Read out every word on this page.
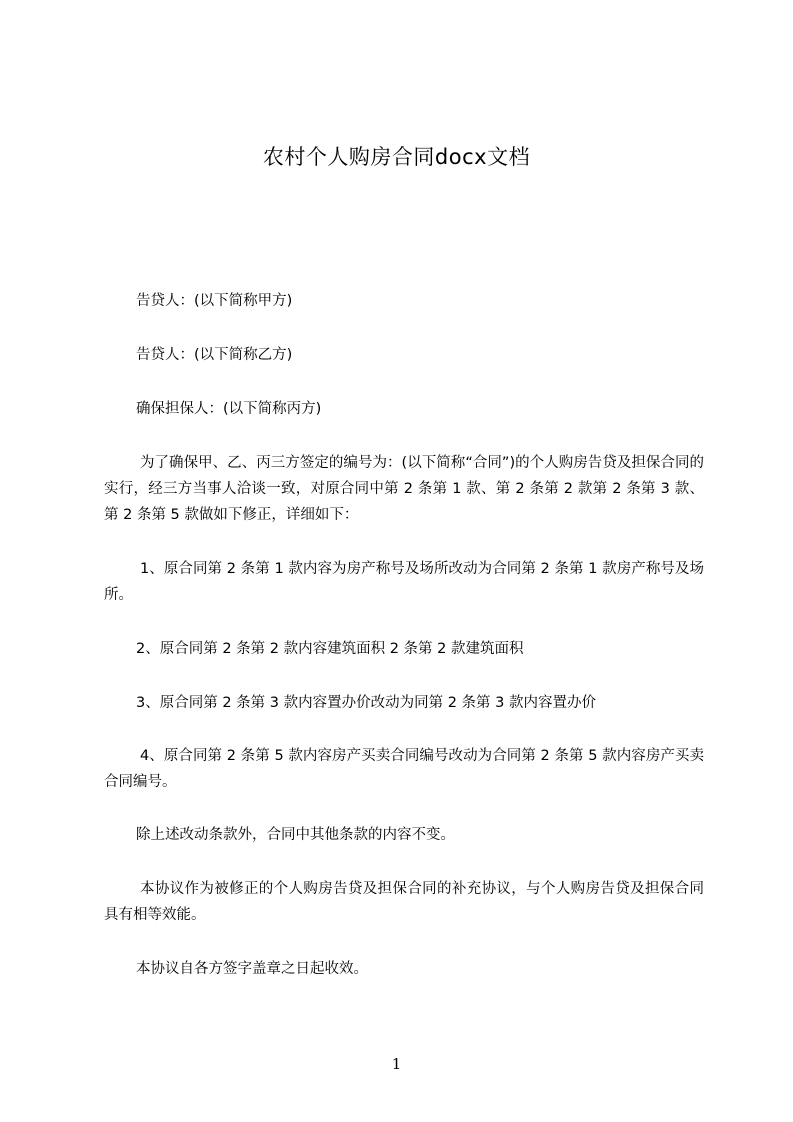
农村个人购房合同docx文档
告贷人：(以下简称甲方)
告贷人：(以下简称乙方)
确保担保人：(以下简称丙方)
为了确保甲、乙、丙三方签定的编号为：(以下简称“合同”)的个人购房告贷及担保合同的实行，经三方当事人洽谈一致，对原合同中第 2 条第 1 款、第 2 条第 2 款第 2 条第 3 款、第 2 条第 5 款做如下修正，详细如下：
1、原合同第 2 条第 1 款内容为房产称号及场所改动为合同第 2 条第 1 款房产称号及场所。
2、原合同第 2 条第 2 款内容建筑面积 2 条第 2 款建筑面积
3、原合同第 2 条第 3 款内容置办价改动为同第 2 条第 3 款内容置办价
4、原合同第 2 条第 5 款内容房产买卖合同编号改动为合同第 2 条第 5 款内容房产买卖合同编号。
除上述改动条款外，合同中其他条款的内容不变。
本协议作为被修正的个人购房告贷及担保合同的补充协议，与个人购房告贷及担保合同具有相等效能。
本协议自各方签字盖章之日起收效。
1
